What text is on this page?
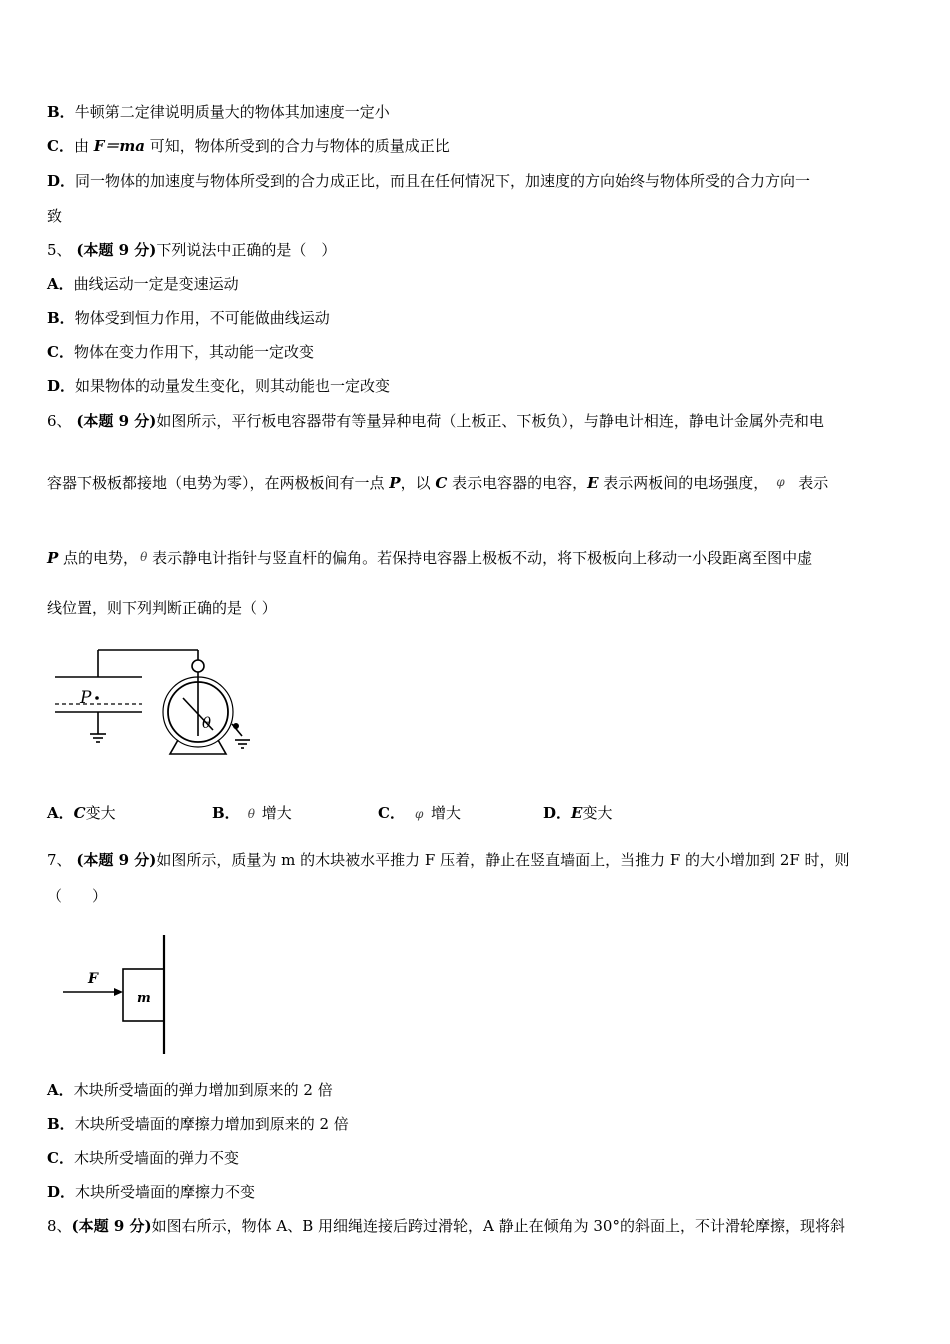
B．牛顿第二定律说明质量大的物体其加速度一定小
C．由 F＝ma 可知，物体所受到的合力与物体的质量成正比
D．同一物体的加速度与物体所受到的合力成正比，而且在任何情况下，加速度的方向始终与物体所受的合力方向一
致
5、 (本题 9 分)下列说法中正确的是（　）
A．曲线运动一定是变速运动
B．物体受到恒力作用，不可能做曲线运动
C．物体在变力作用下，其动能一定改变
D．如果物体的动量发生变化，则其动能也一定改变
6、 (本题 9 分)如图所示，平行板电容器带有等量异种电荷（上板正、下板负），与静电计相连，静电计金属外壳和电
容器下极板都接地（电势为零），在两极板间有一点 P，以 C 表示电容器的电容，E 表示两板间的电场强度， φ 表示
P 点的电势， θ 表示静电计指针与竖直杆的偏角。若保持电容器上极板不动，将下极板向上移动一小段距离至图中虚
线位置，则下列判断正确的是（ ）
P
θ
A．C变大	B． θ 增大	C． φ 增大	D．E变大
7、 (本题 9 分)如图所示，质量为 m 的木块被水平推力 F 压着，静止在竖直墙面上，当推力 F 的大小增加到 2F 时，则
（　　）
F
m
A．木块所受墙面的弹力增加到原来的 2 倍
B．木块所受墙面的摩擦力增加到原来的 2 倍
C．木块所受墙面的弹力不变
D．木块所受墙面的摩擦力不变
8、(本题 9 分)如图右所示，物体 A、B 用细绳连接后跨过滑轮，A 静止在倾角为 30°的斜面上，不计滑轮摩擦，现将斜
